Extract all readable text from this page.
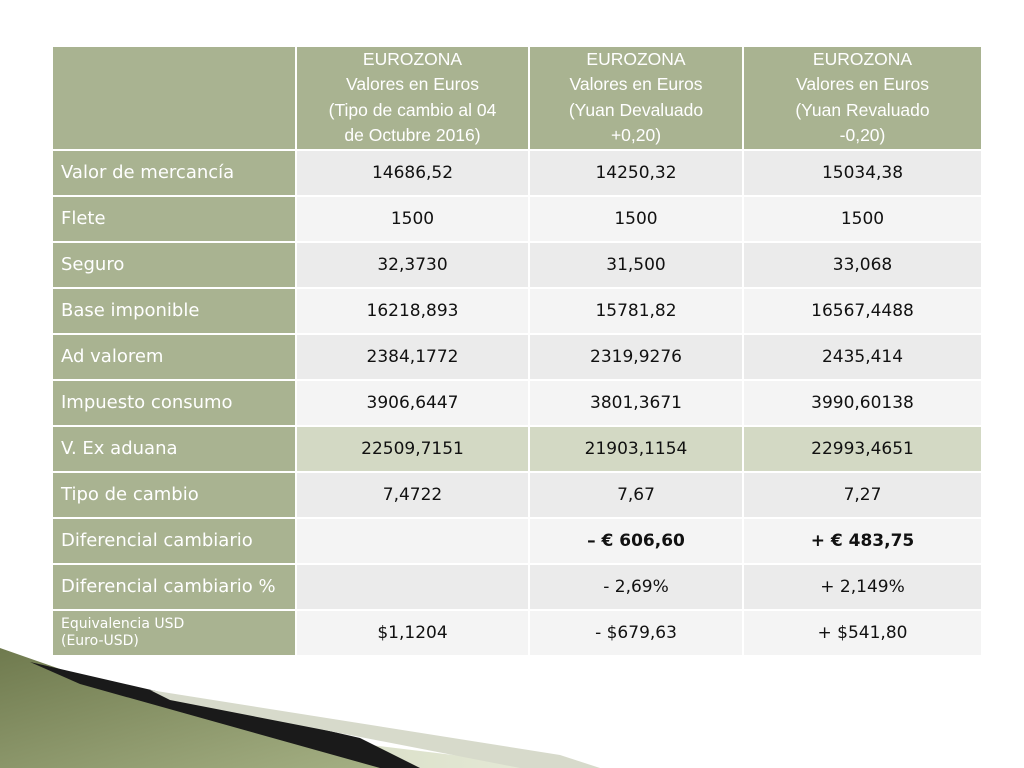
	EUROZONA
Valores en Euros
(Tipo de cambio al 04
de Octubre 2016)	EUROZONA
Valores en Euros
(Yuan Devaluado
+0,20)	EUROZONA
Valores en Euros
(Yuan Revaluado
-0,20)

Valor de mercancía	14686,52	14250,32	15034,38
Flete	1500	1500	1500
Seguro	32,3730	31,500	33,068
Base imponible	16218,893	15781,82	16567,4488
Ad valorem	2384,1772	2319,9276	2435,414
Impuesto consumo	3906,6447	3801,3671	3990,60138
V. Ex aduana	22509,7151	21903,1154	22993,4651
Tipo de cambio	7,4722	7,67	7,27
Diferencial cambiario		– € 606,60	+ € 483,75
Diferencial cambiario %		- 2,69%	+ 2,149%

Equivalencia USD
(Euro-USD)	$1,1204	- $679,63	+ $541,80
